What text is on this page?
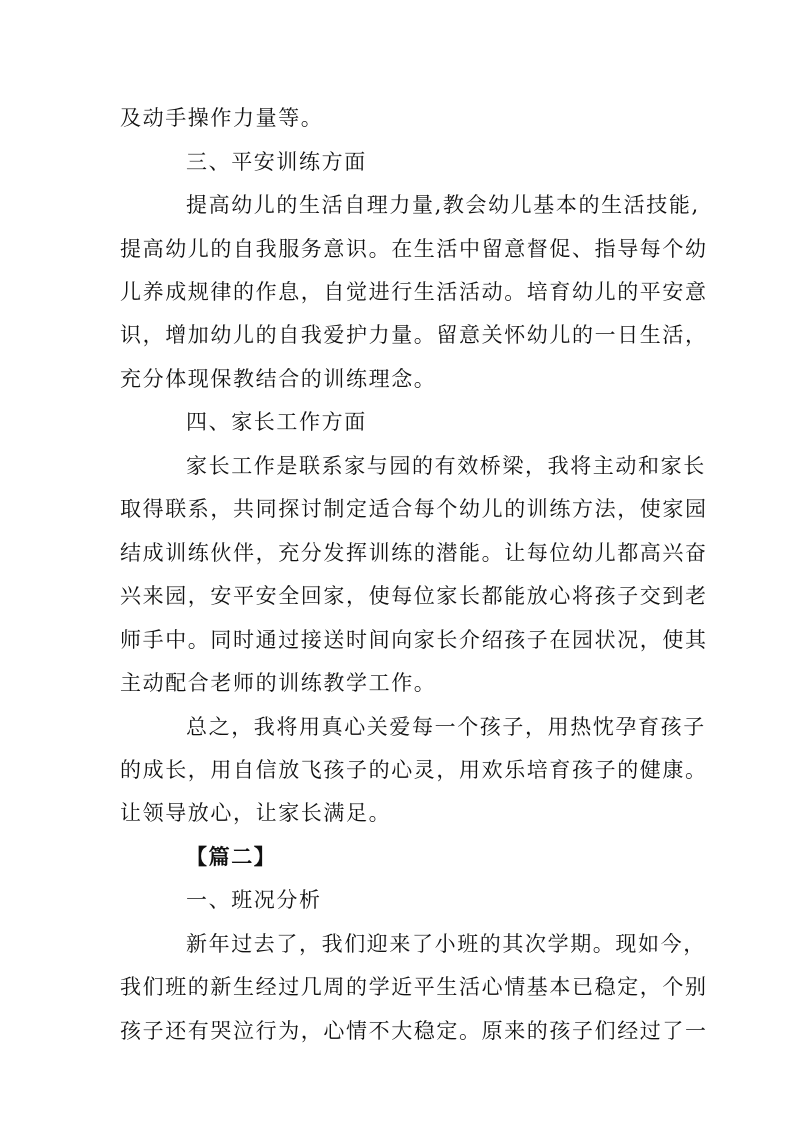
及动手操作力量等。

三、平安训练方面

提高幼儿的生活自理力量,教会幼儿基本的生活技能,

提高幼儿的自我服务意识。在生活中留意督促、指导每个幼

儿养成规律的作息，自觉进行生活活动。培育幼儿的平安意

识，增加幼儿的自我爱护力量。留意关怀幼儿的一日生活，

充分体现保教结合的训练理念。

四、家长工作方面

家长工作是联系家与园的有效桥梁，我将主动和家长

取得联系，共同探讨制定适合每个幼儿的训练方法，使家园

结成训练伙伴，充分发挥训练的潜能。让每位幼儿都高兴奋

兴来园，安平安全回家，使每位家长都能放心将孩子交到老

师手中。同时通过接送时间向家长介绍孩子在园状况，使其

主动配合老师的训练教学工作。

总之，我将用真心关爱每一个孩子，用热忱孕育孩子

的成长，用自信放飞孩子的心灵，用欢乐培育孩子的健康。

让领导放心，让家长满足。

【篇二】

一、班况分析

新年过去了，我们迎来了小班的其次学期。现如今，

我们班的新生经过几周的学近平生活心情基本已稳定，个别

孩子还有哭泣行为，心情不大稳定。原来的孩子们经过了一
